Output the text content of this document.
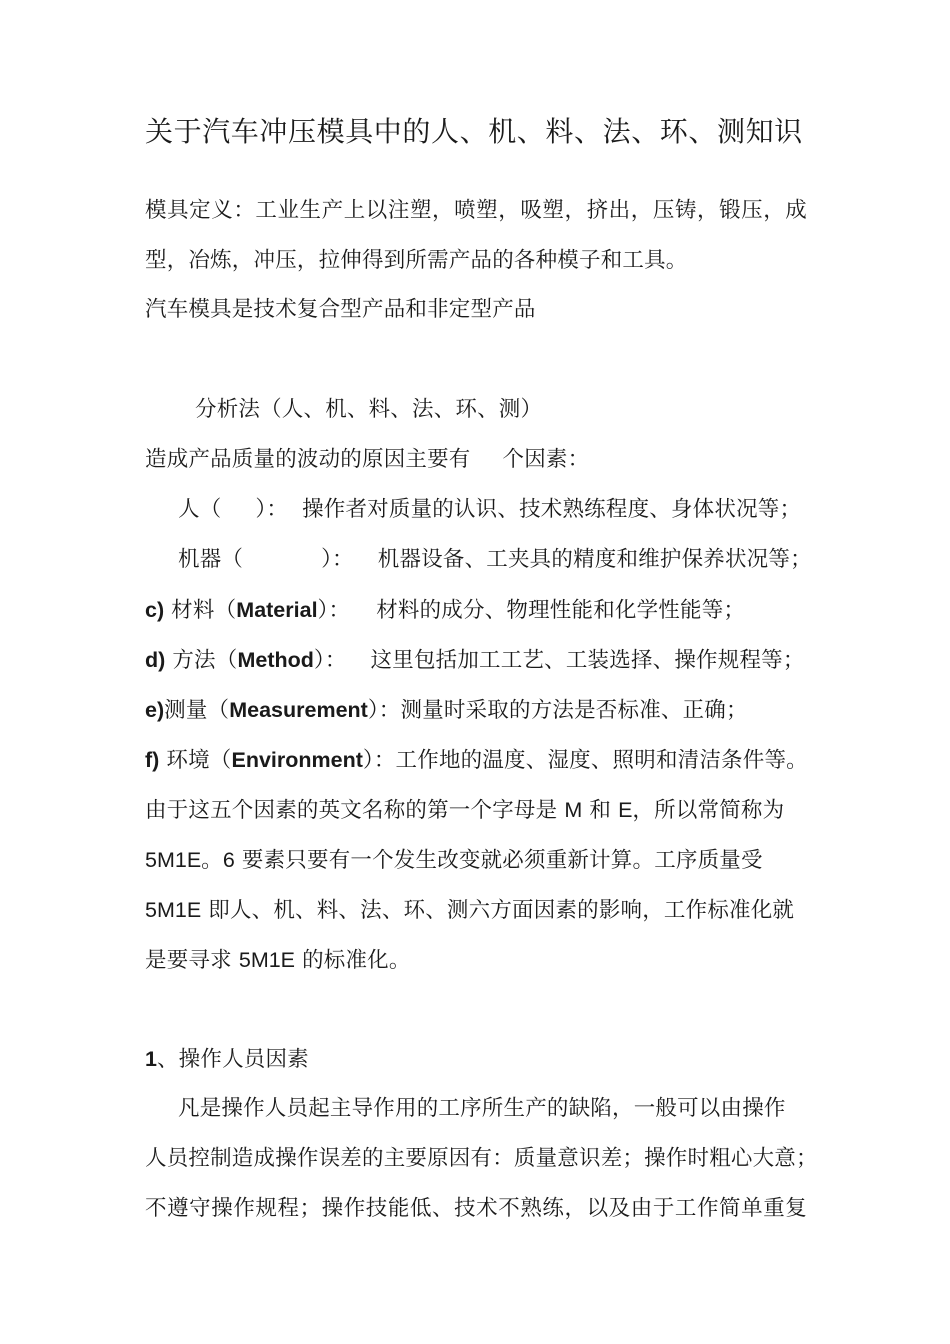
关于汽车冲压模具中的人、机、料、法、环、测知识
模具定义：工业生产上以注塑，喷塑，吸塑，挤出，压铸，锻压，成
型，冶炼，冲压，拉伸得到所需产品的各种模子和工具。
汽车模具是技术复合型产品和非定型产品
分析法（人、机、料、法、环、测）
造成产品质量的波动的原因主要有 个因素：
人（ ）： 操作者对质量的认识、技术熟练程度、身体状况等；
机器（	）： 机器设备、工夹具的精度和维护保养状况等；
c) 材料（Material）： 材料的成分、物理性能和化学性能等；
d) 方法（Method）： 这里包括加工工艺、工装选择、操作规程等；
e)测量（Measurement）：测量时采取的方法是否标准、正确；
f) 环境（Environment）：工作地的温度、湿度、照明和清洁条件等。
由于这五个因素的英文名称的第一个字母是 M 和 E，所以常简称为
5M1E。6 要素只要有一个发生改变就必须重新计算。工序质量受
5M1E 即人、机、料、法、环、测六方面因素的影响，工作标准化就
是要寻求 5M1E 的标准化。
1、操作人员因素
凡是操作人员起主导作用的工序所生产的缺陷，一般可以由操作
人员控制造成操作误差的主要原因有：质量意识差；操作时粗心大意；
不遵守操作规程；操作技能低、技术不熟练，以及由于工作简单重复
